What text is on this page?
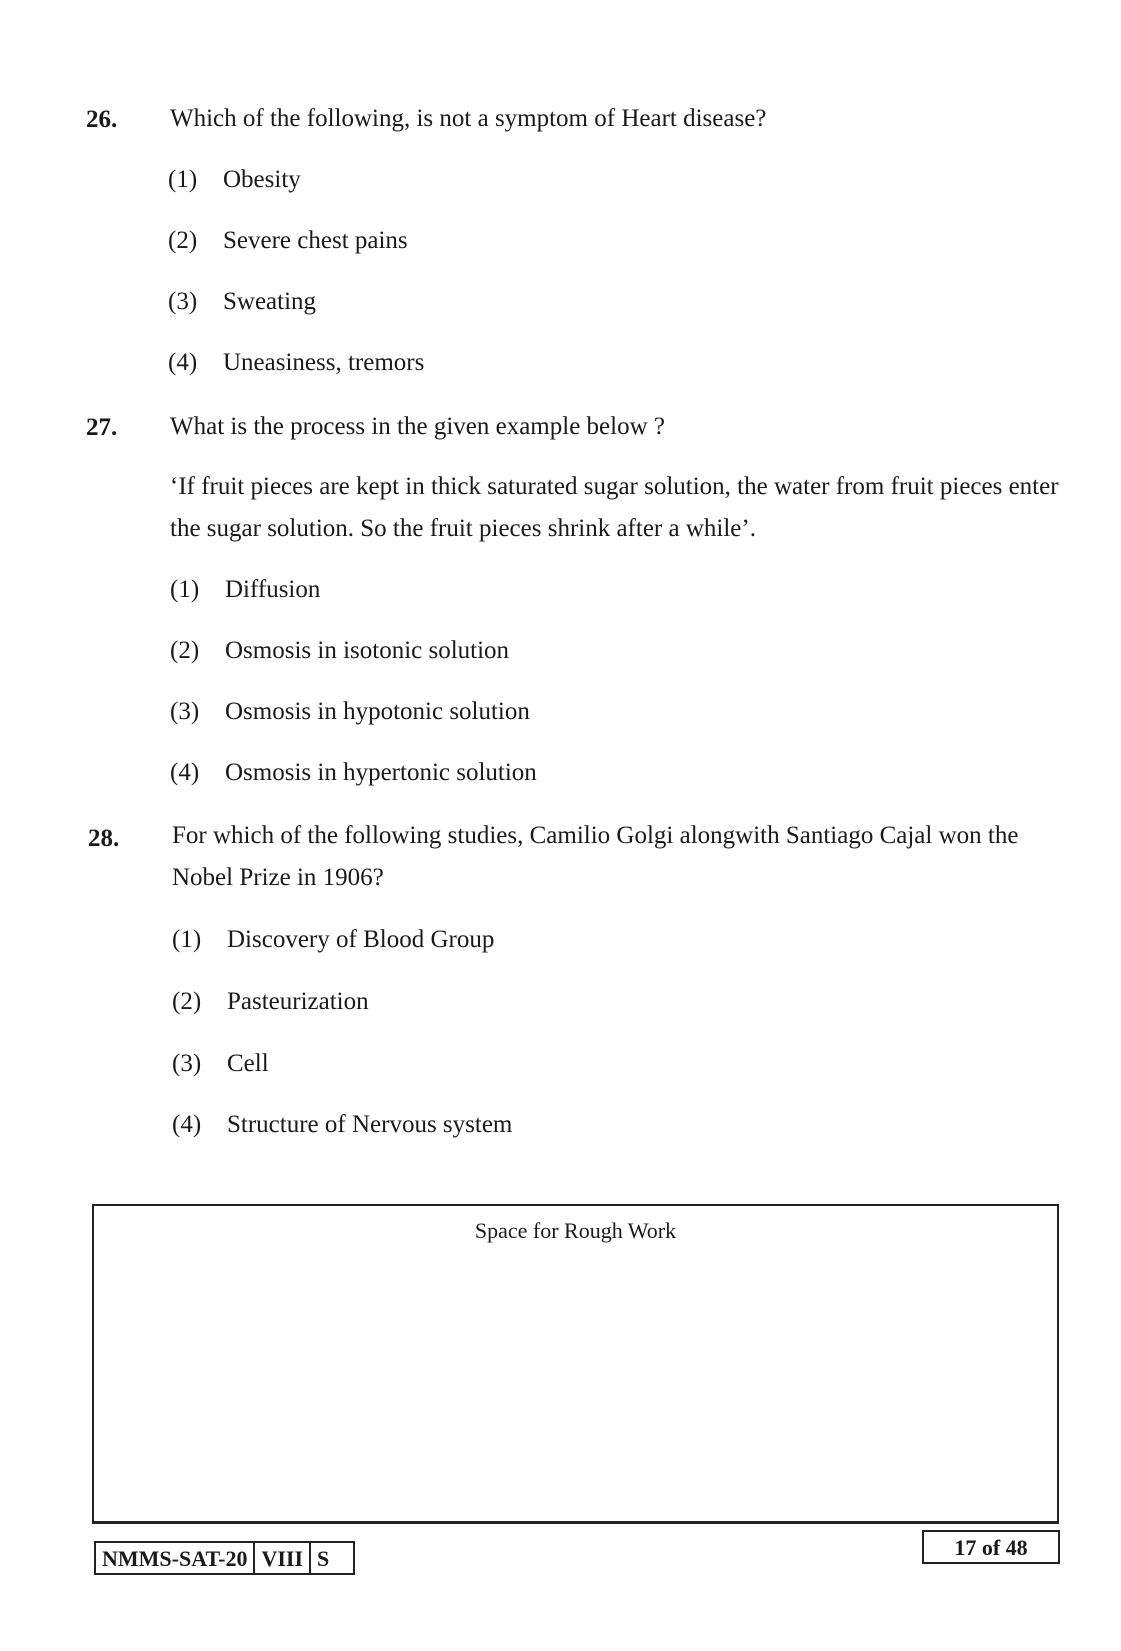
26. Which of the following, is not a symptom of Heart disease?
(1) Obesity
(2) Severe chest pains
(3) Sweating
(4) Uneasiness, tremors
27. What is the process in the given example below ?
‘If fruit pieces are kept in thick saturated sugar solution, the water from fruit pieces enter the sugar solution. So the fruit pieces shrink after a while’.
(1) Diffusion
(2) Osmosis in isotonic solution
(3) Osmosis in hypotonic solution
(4) Osmosis in hypertonic solution
28. For which of the following studies, Camilio Golgi alongwith Santiago Cajal won the Nobel Prize in 1906?
(1) Discovery of Blood Group
(2) Pasteurization
(3) Cell
(4) Structure of Nervous system
Space for Rough Work
NMMS-SAT-20 VIII S	17 of 48
